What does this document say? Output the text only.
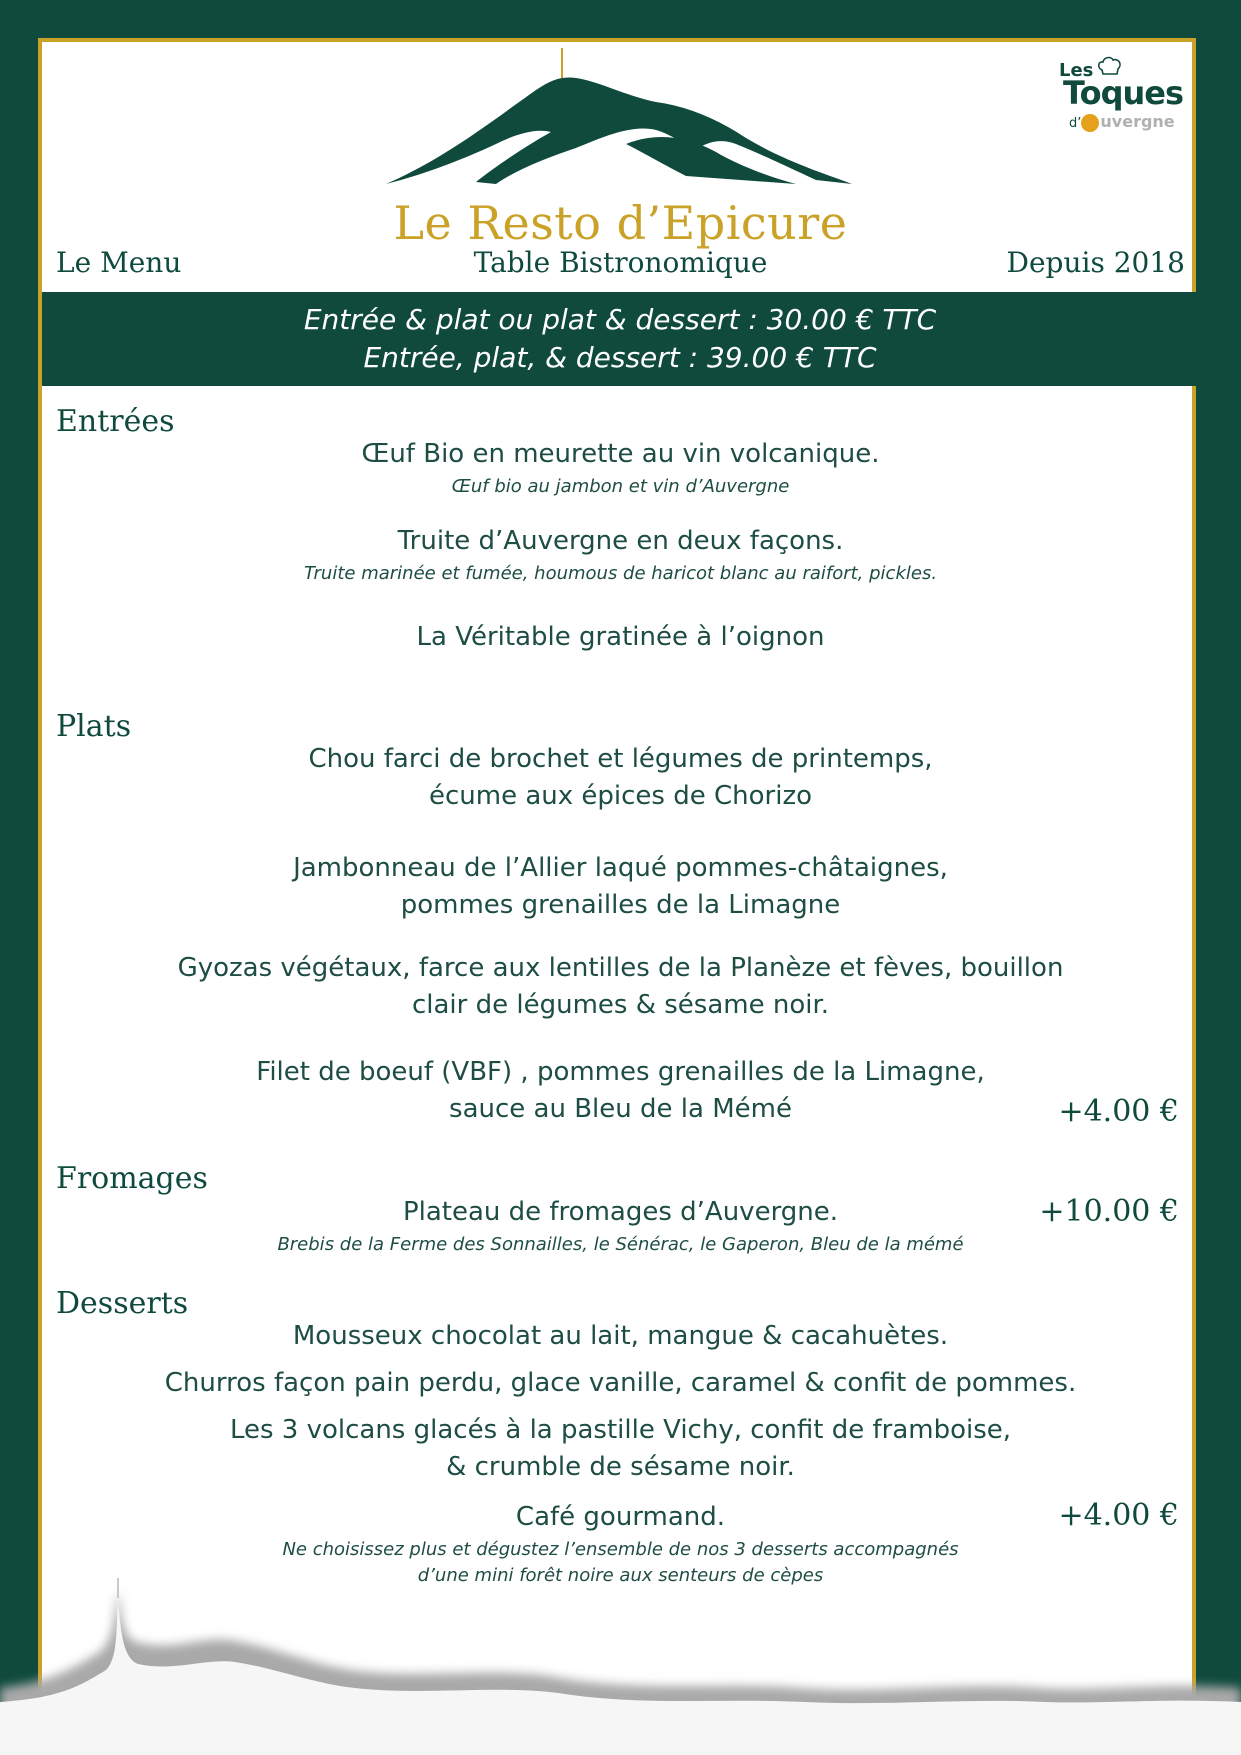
Les
Toques
d’ uvergne
Le Resto d’Epicure
Table Bistronomique
Le Menu	Depuis 2018
Entrée & plat ou plat & dessert : 30.00 € TTC
Entrée, plat, & dessert : 39.00 € TTC
Entrées
Œuf Bio en meurette au vin volcanique.
Œuf bio au jambon et vin d’Auvergne
Truite d’Auvergne en deux façons.
Truite marinée et fumée, houmous de haricot blanc au raifort, pickles.
La Véritable gratinée à l’oignon
Plats
Chou farci de brochet et légumes de printemps,
écume aux épices de Chorizo
Jambonneau de l’Allier laqué pommes-châtaignes,
pommes grenailles de la Limagne
Gyozas végétaux, farce aux lentilles de la Planèze et fèves, bouillon
clair de légumes & sésame noir.
Filet de boeuf (VBF) , pommes grenailles de la Limagne,
sauce au Bleu de la Mémé	+4.00 €
Fromages
Plateau de fromages d’Auvergne.
Brebis de la Ferme des Sonnailles, le Sénérac, le Gaperon, Bleu de la mémé
+10.00 €
Desserts
Mousseux chocolat au lait, mangue & cacahuètes.
Churros façon pain perdu, glace vanille, caramel & confit de pommes.
Les 3 volcans glacés à la pastille Vichy, confit de framboise,
& crumble de sésame noir.
Café gourmand.	+4.00 €
Ne choisissez plus et dégustez l’ensemble de nos 3 desserts accompagnés
d’une mini forêt noire aux senteurs de cèpes
